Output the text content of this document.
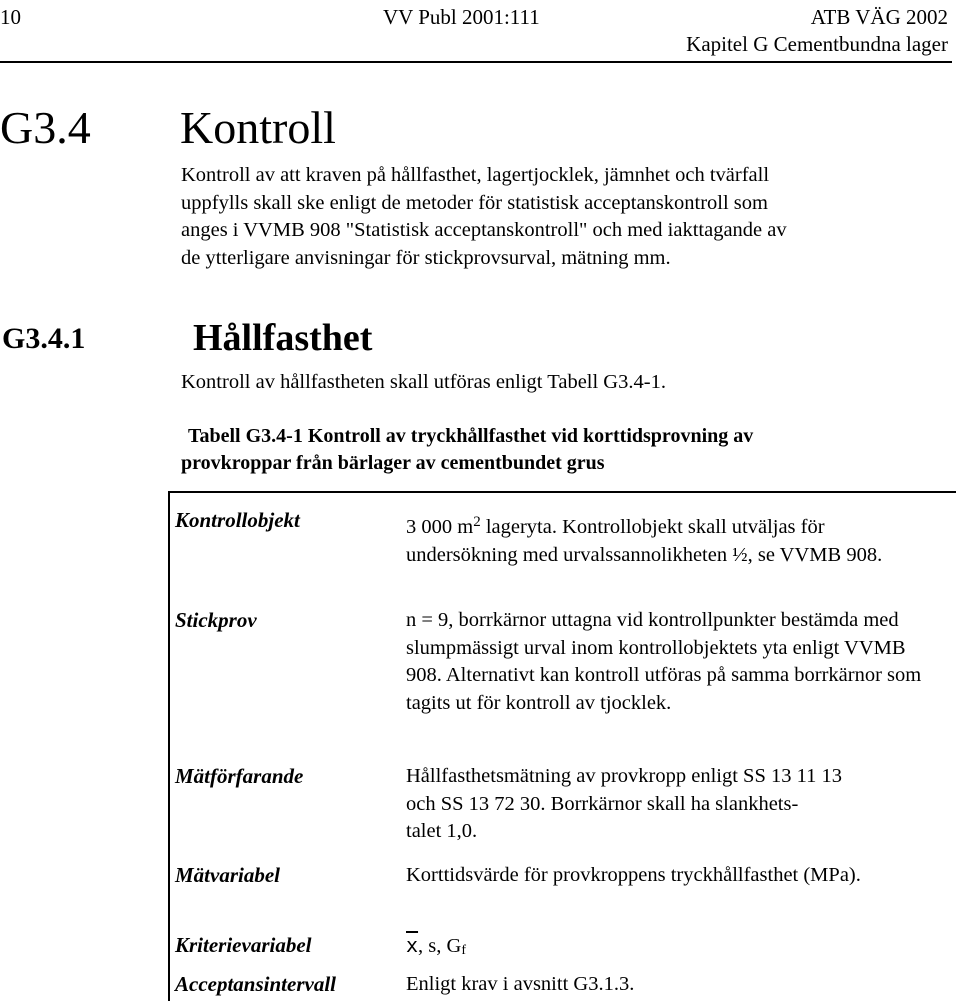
10	VV Publ 2001:111	ATB VÄG 2002
Kapitel G Cementbundna lager
G3.4 Kontroll
Kontroll av att kraven på hållfasthet, lagertjocklek, jämnhet och tvärfall
uppfylls skall ske enligt de metoder för statistisk acceptanskontroll som
anges i VVMB 908 "Statistisk acceptanskontroll" och med iakttagande av
de ytterligare anvisningar för stickprovsurval, mätning mm.
G3.4.1	Hållfasthet
Kontroll av hållfastheten skall utföras enligt Tabell G3.4-1.
Tabell G3.4-1 Kontroll av tryckhållfasthet vid korttidsprovning av
provkroppar från bärlager av cementbundet grus
Kontrollobjekt	3 000 $m^2$ lageryta. Kontrollobjekt skall utväljas för undersökning med urvalssannolikheten ½, se VVMB 908.
Stickprov	n = 9, borrkärnor uttagna vid kontrollpunkter bestämda med slumpmässigt urval inom kontrollobjektets yta enligt VVMB 908. Alternativt kan kontroll utföras på samma borrkärnor som tagits ut för kontroll av tjocklek.
Mätförfarande	Hållfasthetsmätning av provkropp enligt SS 13 11 13
och SS 13 72 30. Borrkärnor skall ha slankhets-
talet 1,0.
Mätvariabel	Korttidsvärde för provkroppens tryckhållfasthet (MPa).
Kriterievariabel	$\overline{x}$, s, $G_f$
Acceptansintervall	Enligt krav i avsnitt G3.1.3.
